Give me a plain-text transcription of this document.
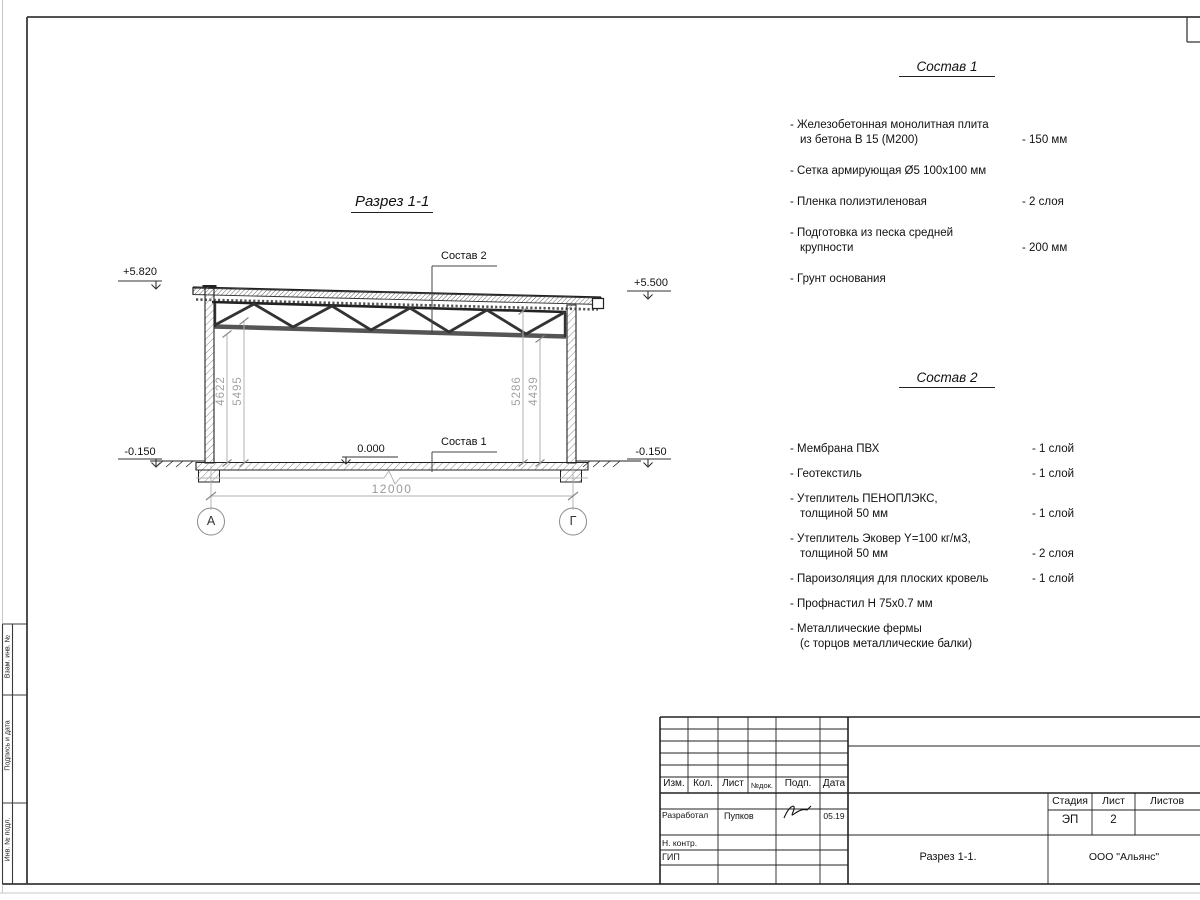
Разрез 1-1
+5.820
+5.500
0.000
-0.150	-0.150
Состав 2
Состав 1
4622 5495	5286 4439
12000
А	Г
Состав 1
- Железобетонная монолитная плита
из бетона В 15 (М200)	- 150 мм
- Сетка армирующая Ø5 100х100 мм
- Пленка полиэтиленовая	- 2 слоя
- Подготовка из песка средней
крупности	- 200 мм
- Грунт основания
Состав 2
- Мембрана ПВХ	- 1 слой
- Геотекстиль	- 1 слой
- Утеплитель ПЕНОПЛЭКС,
толщиной 50 мм	- 1 слой
- Утеплитель Эковер Y=100 кг/м3,
толщиной 50 мм	- 2 слоя
- Пароизоляция для плоских кровель	- 1 слой
- Профнастил Н 75х0.7 мм
- Металлические фермы
(с торцов металлические балки)
Изм. Кол. Лист №док.	Подп.	Дата
Разработал Пупков	05.19
Н. контр.
ГИП
Стадия	Лист	Листов
ЭП	2
Разрез 1-1.	ООО "Альянс"
Взам. инв. №
Подпись и дата
Инв. № подл.
